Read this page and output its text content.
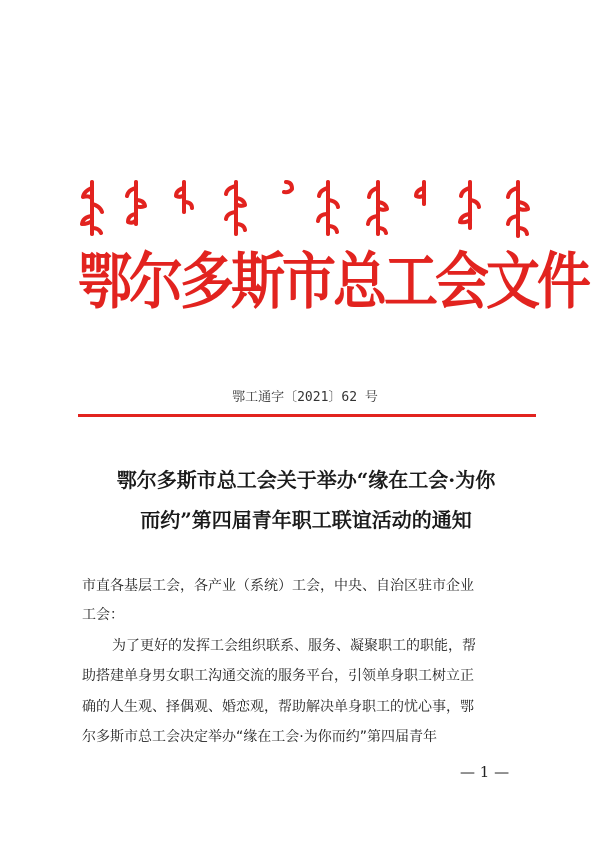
鄂尔多斯市总工会文件
鄂工通字〔2021〕62 号
鄂尔多斯市总工会关于举办“缘在工会·为你
而约”第四届青年职工联谊活动的通知
市直各基层工会，各产业（系统）工会，中央、自治区驻市企业
工会：
为了更好的发挥工会组织联系、服务、凝聚职工的职能，帮
助搭建单身男女职工沟通交流的服务平台，引领单身职工树立正
确的人生观、择偶观、婚恋观，帮助解决单身职工的忧心事，鄂
尔多斯市总工会决定举办“缘在工会·为你而约”第四届青年
— 1 —
